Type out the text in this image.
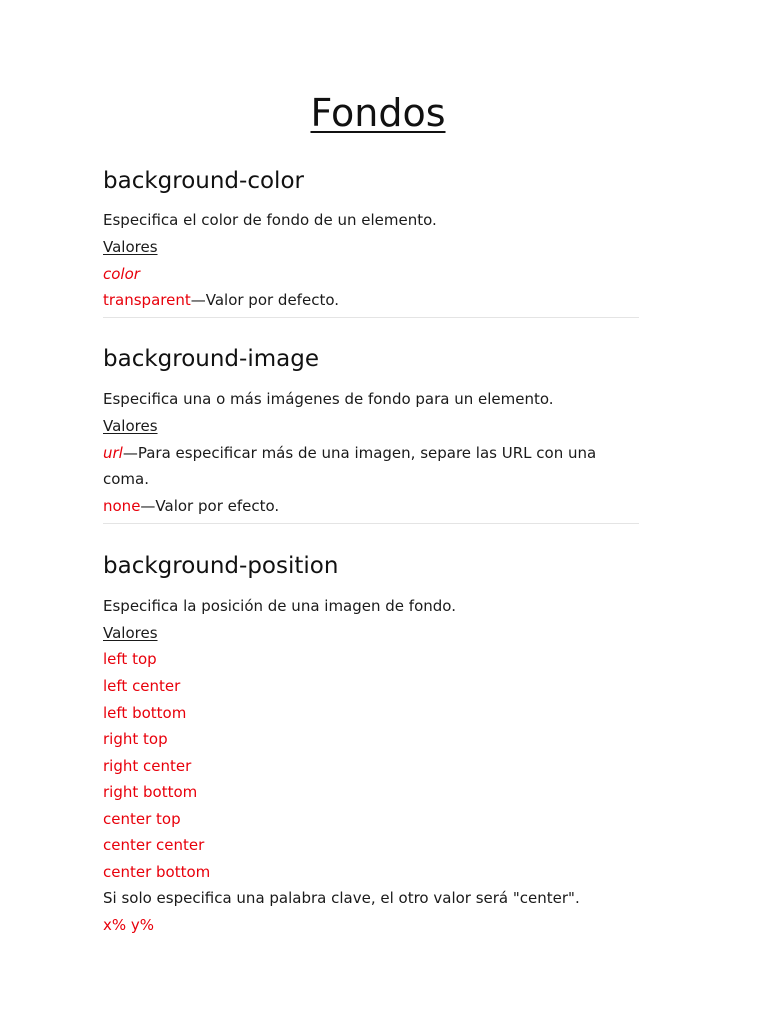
Fondos
background-color

Especifica el color de fondo de un elemento.

Valores

color

transparent—Valor por defecto.

background-image

Especifica una o más imágenes de fondo para un elemento.

Valores

url—Para especificar más de una imagen, separe las URL con una

coma.

none—Valor por efecto.

background-position

Especifica la posición de una imagen de fondo.

Valores

left top

left center

left bottom

right top

right center

right bottom

center top

center center

center bottom

Si solo especifica una palabra clave, el otro valor será "center".

x% y%
